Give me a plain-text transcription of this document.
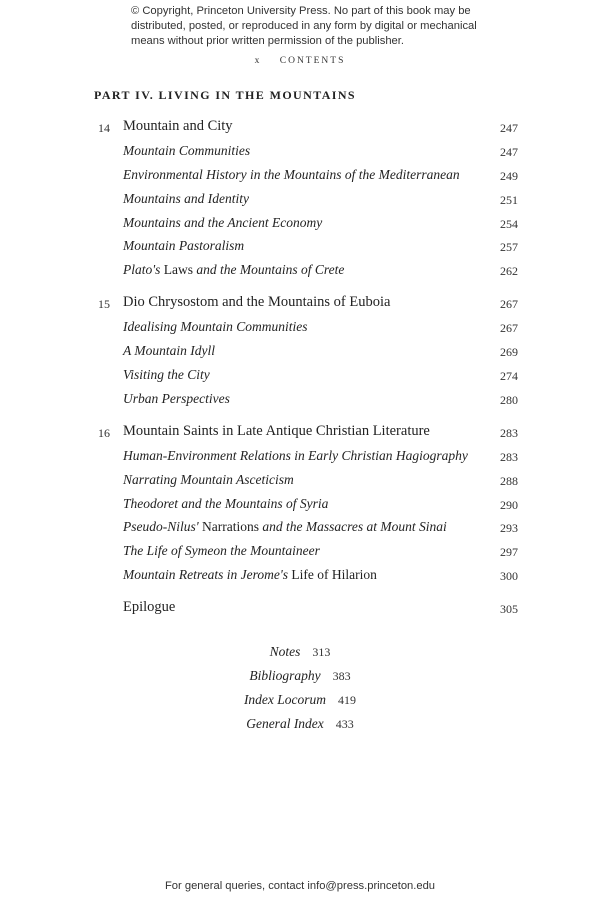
© Copyright, Princeton University Press. No part of this book may be
distributed, posted, or reproduced in any form by digital or mechanical
means without prior written permission of the publisher.
x CONTENTS
PART IV. LIVING IN THE MOUNTAINS
14 Mountain and City	247
Mountain Communities	247
Environmental History in the Mountains of the Mediterranean	249
Mountains and Identity	251
Mountains and the Ancient Economy	254
Mountain Pastoralism	257
Plato's Laws and the Mountains of Crete	262
15 Dio Chrysostom and the Mountains of Euboia	267
Idealising Mountain Communities	267
A Mountain Idyll	269
Visiting the City	274
Urban Perspectives	280
16 Mountain Saints in Late Antique Christian Literature	283
Human-Environment Relations in Early Christian Hagiography	283
Narrating Mountain Asceticism	288
Theodoret and the Mountains of Syria	290
Pseudo-Nilus' Narrations and the Massacres at Mount Sinai	293
The Life of Symeon the Mountaineer	297
Mountain Retreats in Jerome's Life of Hilarion	300
Epilogue	305
Notes 313
Bibliography 383
Index Locorum 419
General Index 433
For general queries, contact info@press.princeton.edu
